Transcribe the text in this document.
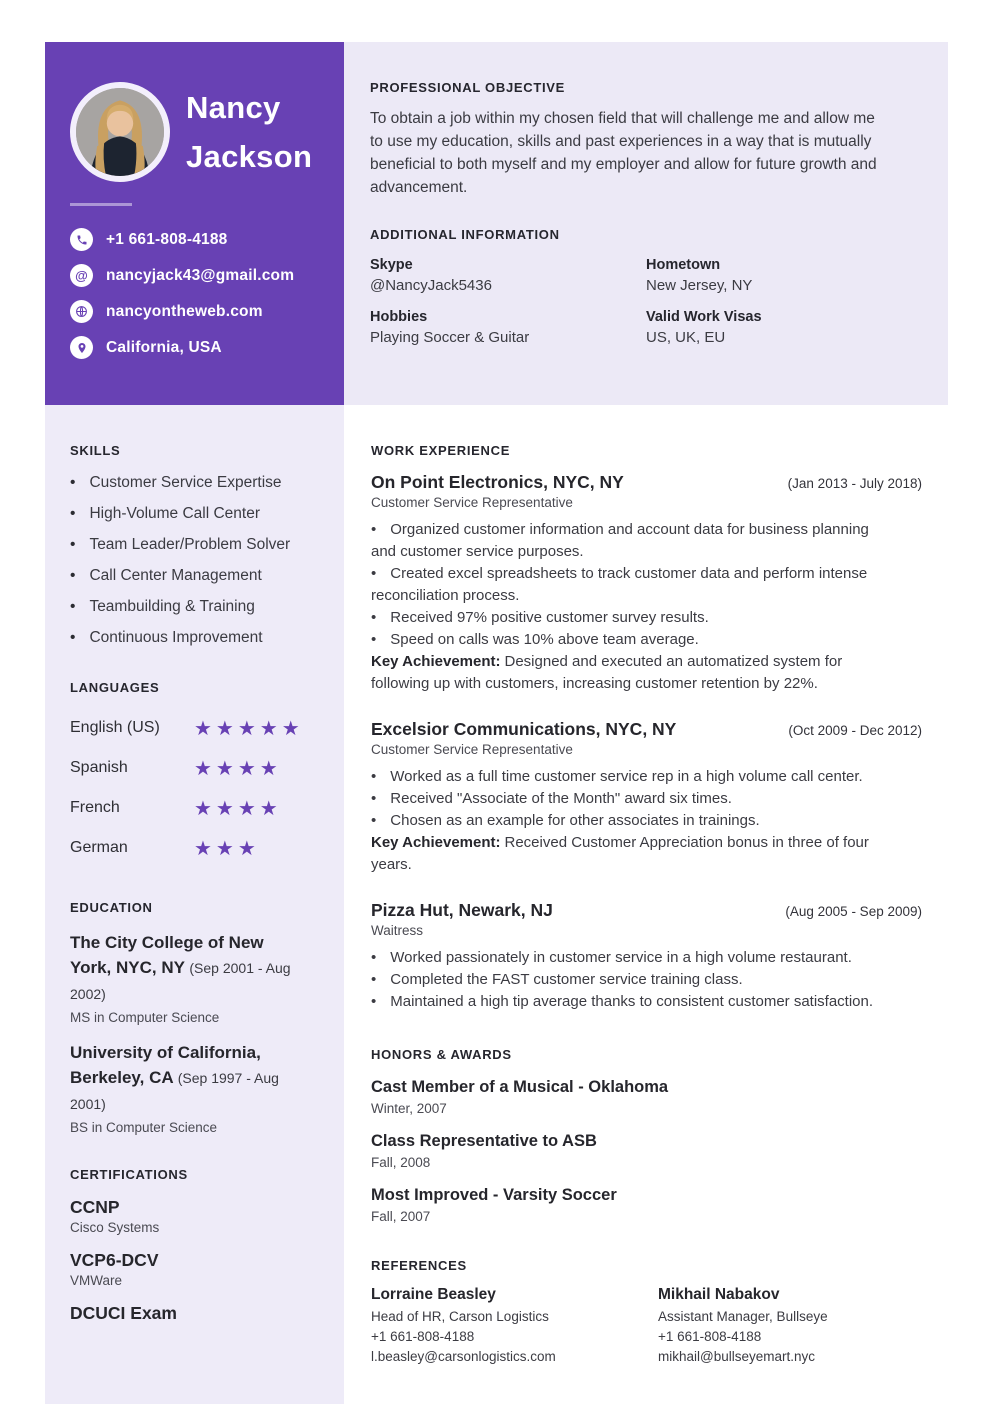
Nancy
Jackson
+1 661-808-4188
@	nancyjack43@gmail.com
nancyontheweb.com
California, USA
PROFESSIONAL OBJECTIVE
To obtain a job within my chosen field that will challenge me and allow me to use my education, skills and past experiences in a way that is mutually beneficial to both myself and my employer and allow for future growth and advancement.
ADDITIONAL INFORMATION
Skype
@NancyJack5436
Hometown
New Jersey, NY
Hobbies
Playing Soccer & Guitar
Valid Work Visas
US, UK, EU
SKILLS
• Customer Service Expertise
• High-Volume Call Center
• Team Leader/Problem Solver
• Call Center Management
• Teambuilding & Training
• Continuous Improvement
LANGUAGES
English (US)	★★★★★
Spanish	★★★★
French	★★★★
German	★★★
EDUCATION
The City College of New York, NYC, NY (Sep 2001 - Aug 2002)
MS in Computer Science
University of California, Berkeley, CA (Sep 1997 - Aug 2001)
BS in Computer Science
CERTIFICATIONS
CCNP
Cisco Systems
VCP6-DCV
VMWare
DCUCI Exam
WORK EXPERIENCE
On Point Electronics, NYC, NY	(Jan 2013 - July 2018)
Customer Service Representative
• Organized customer information and account data for business planning and customer service purposes.
• Created excel spreadsheets to track customer data and perform intense reconciliation process.
• Received 97% positive customer survey results.
• Speed on calls was 10% above team average.
Key Achievement: Designed and executed an automatized system for following up with customers, increasing customer retention by 22%.
Excelsior Communications, NYC, NY	(Oct 2009 - Dec 2012)
Customer Service Representative
• Worked as a full time customer service rep in a high volume call center.
• Received "Associate of the Month" award six times.
• Chosen as an example for other associates in trainings.
Key Achievement: Received Customer Appreciation bonus in three of four years.
Pizza Hut, Newark, NJ	(Aug 2005 - Sep 2009)
Waitress
• Worked passionately in customer service in a high volume restaurant.
• Completed the FAST customer service training class.
• Maintained a high tip average thanks to consistent customer satisfaction.
HONORS & AWARDS
Cast Member of a Musical - Oklahoma
Winter, 2007
Class Representative to ASB
Fall, 2008
Most Improved - Varsity Soccer
Fall, 2007
REFERENCES
Lorraine Beasley
Head of HR, Carson Logistics
+1 661-808-4188
l.beasley@carsonlogistics.com
Mikhail Nabakov
Assistant Manager, Bullseye
+1 661-808-4188
mikhail@bullseyemart.nyc
